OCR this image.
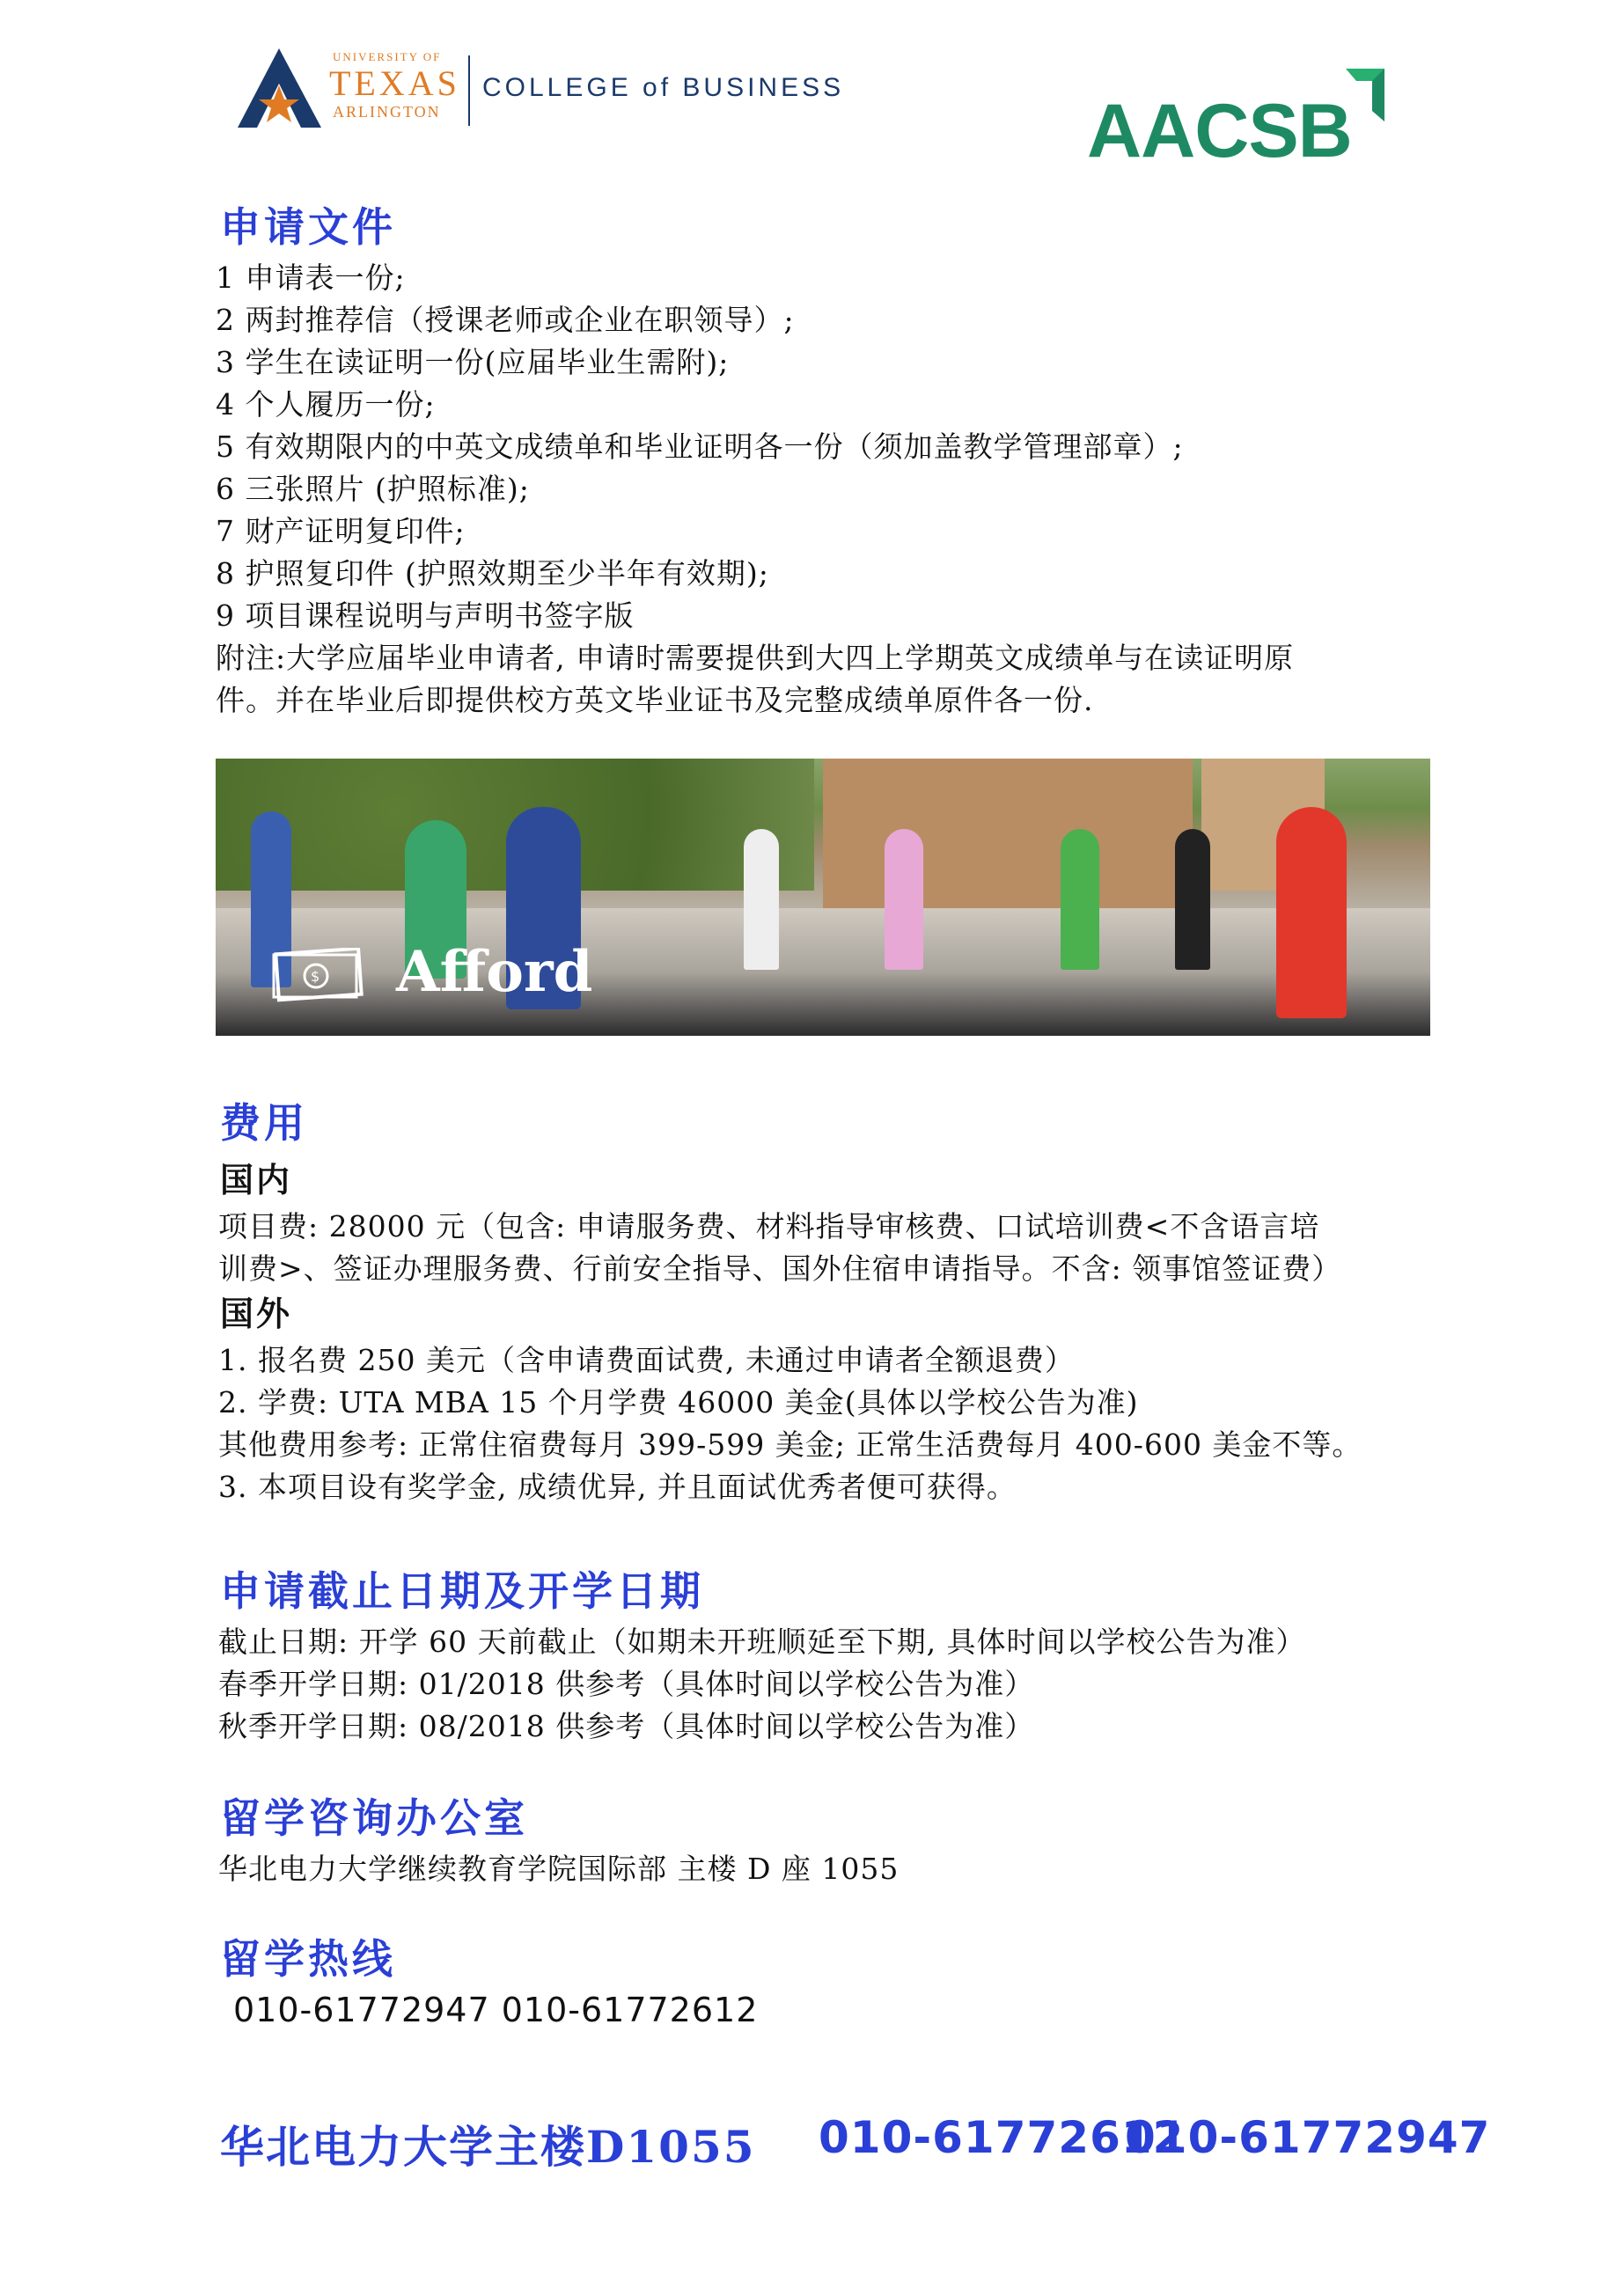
UNIVERSITY OF
TEXAS
ARLINGTON
COLLEGE of BUSINESS
AACSB
申请文件
1 申请表一份;
2 两封推荐信（授课老师或企业在职领导）;
3 学生在读证明一份(应届毕业生需附);
4 个人履历一份;
5 有效期限内的中英文成绩单和毕业证明各一份（须加盖教学管理部章）;
6 三张照片 (护照标准);
7 财产证明复印件;
8 护照复印件 (护照效期至少半年有效期);
9 项目课程说明与声明书签字版
附注:大学应届毕业申请者, 申请时需要提供到大四上学期英文成绩单与在读证明原
件。并在毕业后即提供校方英文毕业证书及完整成绩单原件各一份.
$ Afford
费用
国内
项目费: 28000 元（包含: 申请服务费、材料指导审核费、口试培训费<不含语言培
训费>、签证办理服务费、行前安全指导、国外住宿申请指导。不含: 领事馆签证费）
国外
1. 报名费 250 美元（含申请费面试费, 未通过申请者全额退费）
2. 学费: UTA MBA 15 个月学费 46000 美金(具体以学校公告为准)
其他费用参考: 正常住宿费每月 399-599 美金; 正常生活费每月 400-600 美金不等。
3. 本项目设有奖学金, 成绩优异, 并且面试优秀者便可获得。
申请截止日期及开学日期
截止日期: 开学 60 天前截止（如期未开班顺延至下期, 具体时间以学校公告为准）
春季开学日期: 01/2018 供参考（具体时间以学校公告为准）
秋季开学日期: 08/2018 供参考（具体时间以学校公告为准）
留学咨询办公室
华北电力大学继续教育学院国际部 主楼 D 座 1055
留学热线
010-61772947 010-61772612
华北电力大学主楼D1055 010-61772612
010-61772947
